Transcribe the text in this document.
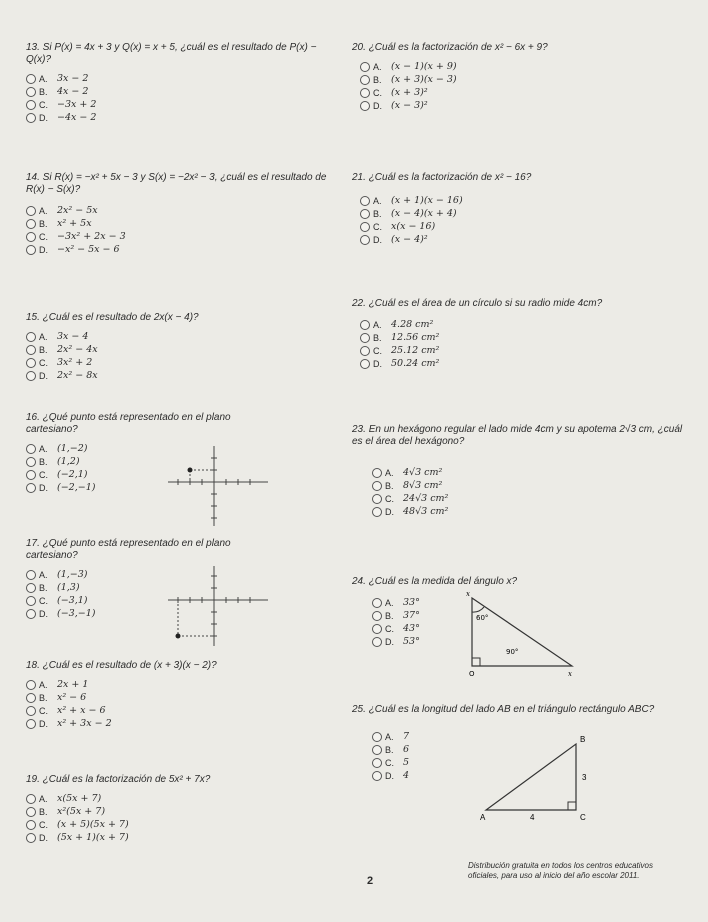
13. Si P(x) = 4x + 3 y Q(x) = x + 5, ¿cuál es el resultado de P(x) − Q(x)?
A. 3x − 2
B. 4x − 2
C. −3x + 2
D. −4x − 2
14. Si R(x) = −x² + 5x − 3 y S(x) = −2x² − 3, ¿cuál es el resultado de R(x) − S(x)?
A. 2x² − 5x
B. x² + 5x
C. −3x² + 2x − 3
D. −x² − 5x − 6
15. ¿Cuál es el resultado de 2x(x − 4)?
A. 3x − 4
B. 2x² − 4x
C. 3x² + 2
D. 2x² − 8x
16. ¿Qué punto está representado en el plano cartesiano?
A. (1,−2)
B. (1,2)
C. (−2,1)
D. (−2,−1)
17. ¿Qué punto está representado en el plano cartesiano?
A. (1,−3)
B. (1,3)
C. (−3,1)
D. (−3,−1)
18. ¿Cuál es el resultado de (x + 3)(x − 2)?
A. 2x + 1
B. x² − 6
C. x² + x − 6
D. x² + 3x − 2
19. ¿Cuál es la factorización de 5x² + 7x?
A. x(5x + 7)
B. x²(5x + 7)
C. (x + 5)(5x + 7)
D. (5x + 1)(x + 7)
20. ¿Cuál es la factorización de x² − 6x + 9?
A. (x − 1)(x + 9)
B. (x + 3)(x − 3)
C. (x + 3)²
D. (x − 3)²
21. ¿Cuál es la factorización de x² − 16?
A. (x + 1)(x − 16)
B. (x − 4)(x + 4)
C. x(x − 16)
D. (x − 4)²
22. ¿Cuál es el área de un círculo si su radio mide 4cm?
A. 4.28 cm²
B. 12.56 cm²
C. 25.12 cm²
D. 50.24 cm²
23. En un hexágono regular el lado mide 4cm y su apotema 2√3 cm, ¿cuál es el área del hexágono?
A. 4√3 cm²
B. 8√3 cm²
C. 24√3 cm²
D. 48√3 cm²
24. ¿Cuál es la medida del ángulo x?
A. 33°
B. 37°
C. 43°
D. 53°
x
60°
90°
O	x
25. ¿Cuál es la longitud del lado AB en el triángulo rectángulo ABC?
A. 7
B. 6
C. 5
D. 4
B
A	C
3
4
Distribución gratuita en todos los centros educativos oficiales, para uso al inicio del año escolar 2011.
2
